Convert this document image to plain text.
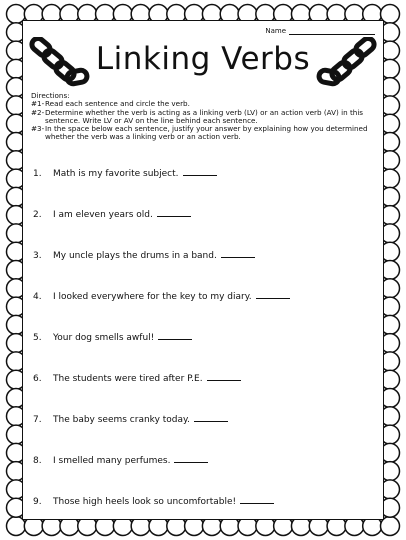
Name
Linking Verbs
Directions:
#1- Read each sentence and circle the verb.
#2- Determine whether the verb is acting as a linking verb (LV) or an action verb (AV) in this sentence. Write LV or AV on the line behind each sentence.
#3- In the space below each sentence, justify your answer by explaining how you determined whether the verb was a linking verb or an action verb.
1.	Math is my favorite subject.
2.	I am eleven years old.
3.	My uncle plays the drums in a band.
4.	I looked everywhere for the key to my diary.
5.	Your dog smells awful!
6.	The students were tired after P.E.
7.	The baby seems cranky today.
8.	I smelled many perfumes.
9.	Those high heels look so uncomfortable!
